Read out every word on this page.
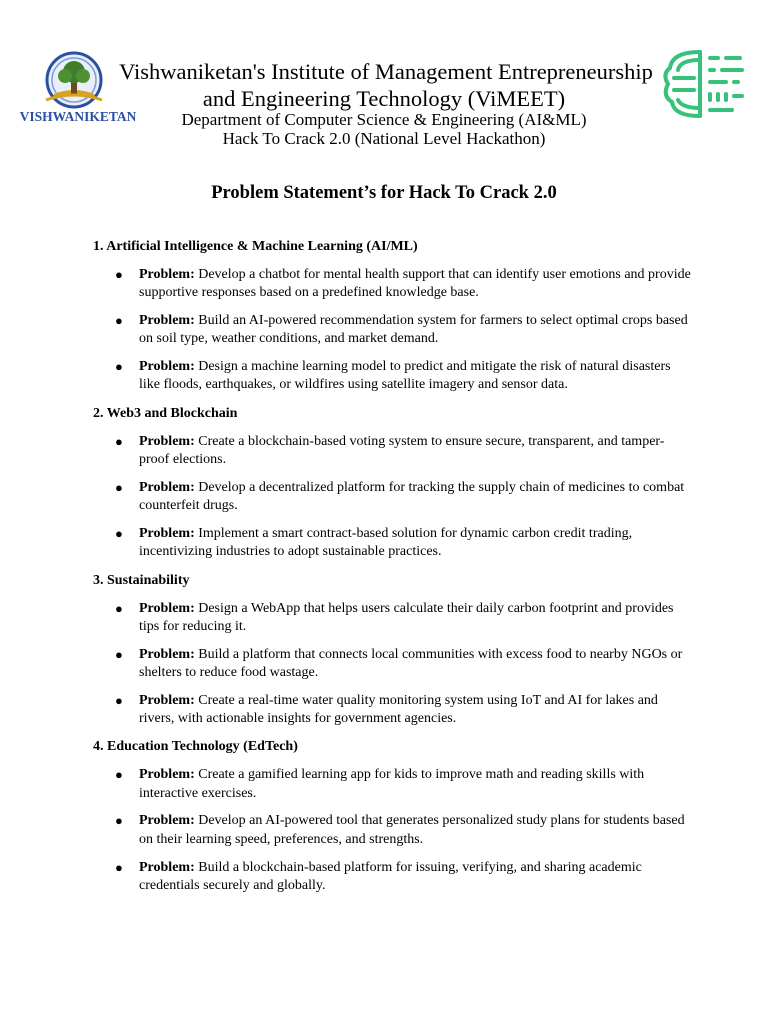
VISHWANIKETAN
Vishwaniketan's Institute of Management Entrepreneurship
and Engineering Technology (ViMEET)
Department of Computer Science & Engineering (AI&ML)
Hack To Crack 2.0 (National Level Hackathon)
Problem Statement’s for Hack To Crack 2.0
1. Artificial Intelligence & Machine Learning (AI/ML)
● Problem: Develop a chatbot for mental health support that can identify user emotions and provide supportive responses based on a predefined knowledge base.
● Problem: Build an AI-powered recommendation system for farmers to select optimal crops based on soil type, weather conditions, and market demand.
● Problem: Design a machine learning model to predict and mitigate the risk of natural disasters like floods, earthquakes, or wildfires using satellite imagery and sensor data.
2. Web3 and Blockchain
● Problem: Create a blockchain-based voting system to ensure secure, transparent, and tamper-proof elections.
● Problem: Develop a decentralized platform for tracking the supply chain of medicines to combat counterfeit drugs.
● Problem: Implement a smart contract-based solution for dynamic carbon credit trading, incentivizing industries to adopt sustainable practices.
3. Sustainability
● Problem: Design a WebApp that helps users calculate their daily carbon footprint and provides tips for reducing it.
● Problem: Build a platform that connects local communities with excess food to nearby NGOs or shelters to reduce food wastage.
● Problem: Create a real-time water quality monitoring system using IoT and AI for lakes and rivers, with actionable insights for government agencies.
4. Education Technology (EdTech)
● Problem: Create a gamified learning app for kids to improve math and reading skills with interactive exercises.
● Problem: Develop an AI-powered tool that generates personalized study plans for students based on their learning speed, preferences, and strengths.
● Problem: Build a blockchain-based platform for issuing, verifying, and sharing academic credentials securely and globally.
